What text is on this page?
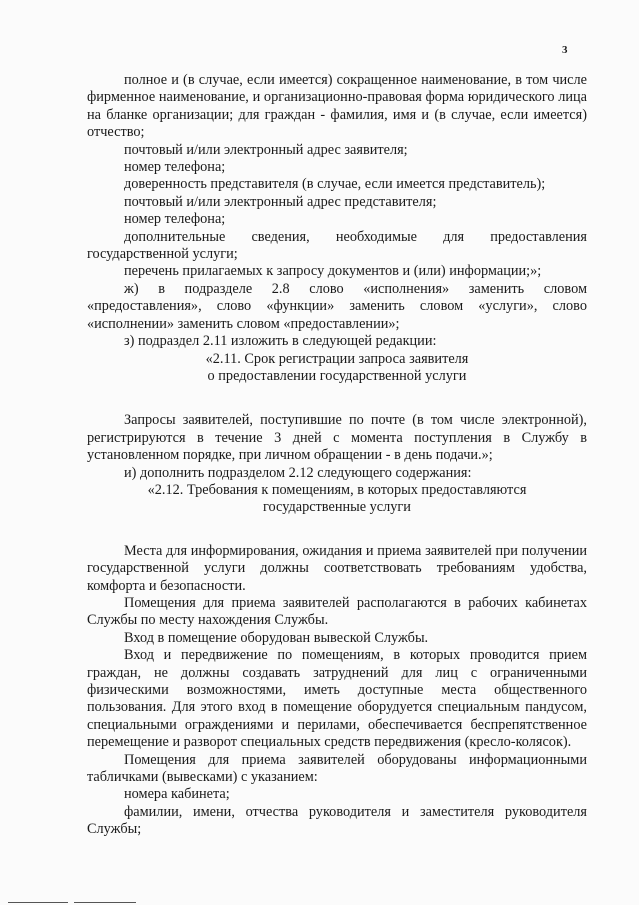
3

полное и (в случае, если имеется) сокращенное наименование, в том числе фирменное наименование, и организационно-правовая форма юридического лица на бланке организации; для граждан - фамилия, имя и (в случае, если имеется) отчество;

почтовый и/или электронный адрес заявителя;

номер телефона;

доверенность представителя (в случае, если имеется представитель);

почтовый и/или электронный адрес представителя;

номер телефона;

дополнительные сведения, необходимые для предоставления государственной услуги;

перечень прилагаемых к запросу документов и (или) информации;»;

ж) в подразделе 2.8 слово «исполнения» заменить словом «предоставления», слово «функции» заменить словом «услуги», слово «исполнении» заменить словом «предоставлении»;

з) подраздел 2.11 изложить в следующей редакции:

«2.11. Срок регистрации запроса заявителя

о предоставлении государственной услуги

Запросы заявителей, поступившие по почте (в том числе электронной), регистрируются в течение 3 дней с момента поступления в Службу в установленном порядке, при личном обращении - в день подачи.»;

и) дополнить подразделом 2.12 следующего содержания:

«2.12. Требования к помещениям, в которых предоставляются

государственные услуги

Места для информирования, ожидания и приема заявителей при получении государственной услуги должны соответствовать требованиям удобства, комфорта и безопасности.

Помещения для приема заявителей располагаются в рабочих кабинетах Службы по месту нахождения Службы.

Вход в помещение оборудован вывеской Службы.

Вход и передвижение по помещениям, в которых проводится прием граждан, не должны создавать затруднений для лиц с ограниченными физическими возможностями, иметь доступные места общественного пользования. Для этого вход в помещение оборудуется специальным пандусом, специальными ограждениями и перилами, обеспечивается беспрепятственное перемещение и разворот специальных средств передвижения (кресло-колясок).

Помещения для приема заявителей оборудованы информационными табличками (вывесками) с указанием:

номера кабинета;

фамилии, имени, отчества руководителя и заместителя руководителя Службы;
